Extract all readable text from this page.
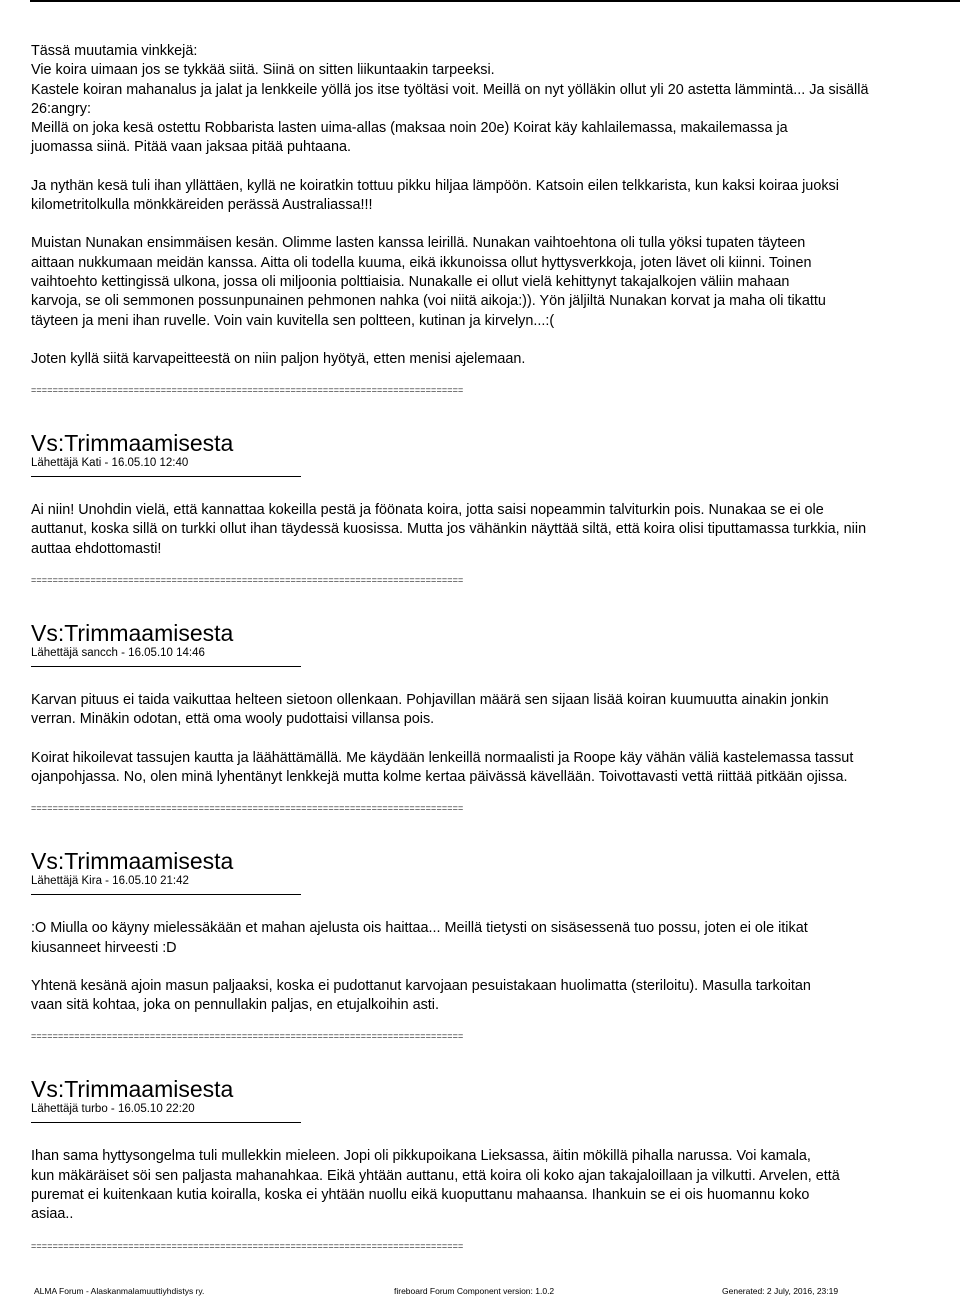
Tässä muutamia vinkkejä:

Vie koira uimaan jos se tykkää siitä. Siinä on sitten liikuntaakin tarpeeksi.

Kastele koiran mahanalus ja jalat ja lenkkeile yöllä jos itse työltäsi voit. Meillä on nyt yölläkin ollut yli 20 astetta lämmintä... Ja sisällä

26:angry:

Meillä on joka kesä ostettu Robbarista lasten uima-allas (maksaa noin 20e) Koirat käy kahlailemassa, makailemassa ja

juomassa siinä. Pitää vaan jaksaa pitää puhtaana.

Ja nythän kesä tuli ihan yllättäen, kyllä ne koiratkin tottuu pikku hiljaa lämpöön. Katsoin eilen telkkarista, kun kaksi koiraa juoksi

kilometritolkulla mönkkäreiden perässä Australiassa!!!

Muistan Nunakan ensimmäisen kesän. Olimme lasten kanssa leirillä. Nunakan vaihtoehtona oli tulla yöksi tupaten täyteen

aittaan nukkumaan meidän kanssa. Aitta oli todella kuuma, eikä ikkunoissa ollut hyttysverkkoja, joten lävet oli kiinni. Toinen

vaihtoehto kettingissä ulkona, jossa oli miljoonia polttiaisia. Nunakalle ei ollut vielä kehittynyt takajalkojen väliin mahaan

karvoja, se oli semmonen possunpunainen pehmonen nahka (voi niitä aikoja:)). Yön jäljiltä Nunakan korvat ja maha oli tikattu

täyteen ja meni ihan ruvelle. Voin vain kuvitella sen poltteen, kutinan ja kirvelyn...:(

Joten kyllä siitä karvapeitteestä on niin paljon hyötyä, etten menisi ajelemaan.

================================================================================

Vs:Trimmaamisesta

Lähettäjä Kati - 16.05.10 12:40

Ai niin! Unohdin vielä, että kannattaa kokeilla pestä ja föönata koira, jotta saisi nopeammin talviturkin pois. Nunakaa se ei ole

auttanut, koska sillä on turkki ollut ihan täydessä kuosissa. Mutta jos vähänkin näyttää siltä, että koira olisi tiputtamassa turkkia, niin

auttaa ehdottomasti!

================================================================================

Vs:Trimmaamisesta

Lähettäjä sancch - 16.05.10 14:46

Karvan pituus ei taida vaikuttaa helteen sietoon ollenkaan. Pohjavillan määrä sen sijaan lisää koiran kuumuutta ainakin jonkin

verran. Minäkin odotan, että oma wooly pudottaisi villansa pois.

Koirat hikoilevat tassujen kautta ja läähättämällä. Me käydään lenkeillä normaalisti ja Roope käy vähän väliä kastelemassa tassut

ojanpohjassa. No, olen minä lyhentänyt lenkkejä mutta kolme kertaa päivässä kävellään. Toivottavasti vettä riittää pitkään ojissa.

================================================================================

Vs:Trimmaamisesta

Lähettäjä Kira - 16.05.10 21:42

:O Miulla oo käyny mielessäkään et mahan ajelusta ois haittaa... Meillä tietysti on sisäsessenä tuo possu, joten ei ole itikat

kiusanneet hirveesti :D

Yhtenä kesänä ajoin masun paljaaksi, koska ei pudottanut karvojaan pesuistakaan huolimatta (steriloitu). Masulla tarkoitan

vaan sitä kohtaa, joka on pennullakin paljas, en etujalkoihin asti.

================================================================================

Vs:Trimmaamisesta

Lähettäjä turbo - 16.05.10 22:20

Ihan sama hyttysongelma tuli mullekkin mieleen. Jopi oli pikkupoikana Lieksassa, äitin mökillä pihalla narussa. Voi kamala,

kun mäkäräiset söi sen paljasta mahanahkaa. Eikä yhtään auttanu, että koira oli koko ajan takajaloillaan ja vilkutti. Arvelen, että

puremat ei kuitenkaan kutia koiralla, koska ei yhtään nuollu eikä kuoputtanu mahaansa. Ihankuin se ei ois huomannu koko

asiaa..

================================================================================

ALMA Forum - Alaskanmalamuuttiyhdistys ry.	fireboard Forum Component version: 1.0.2	Generated: 2 July, 2016, 23:19
